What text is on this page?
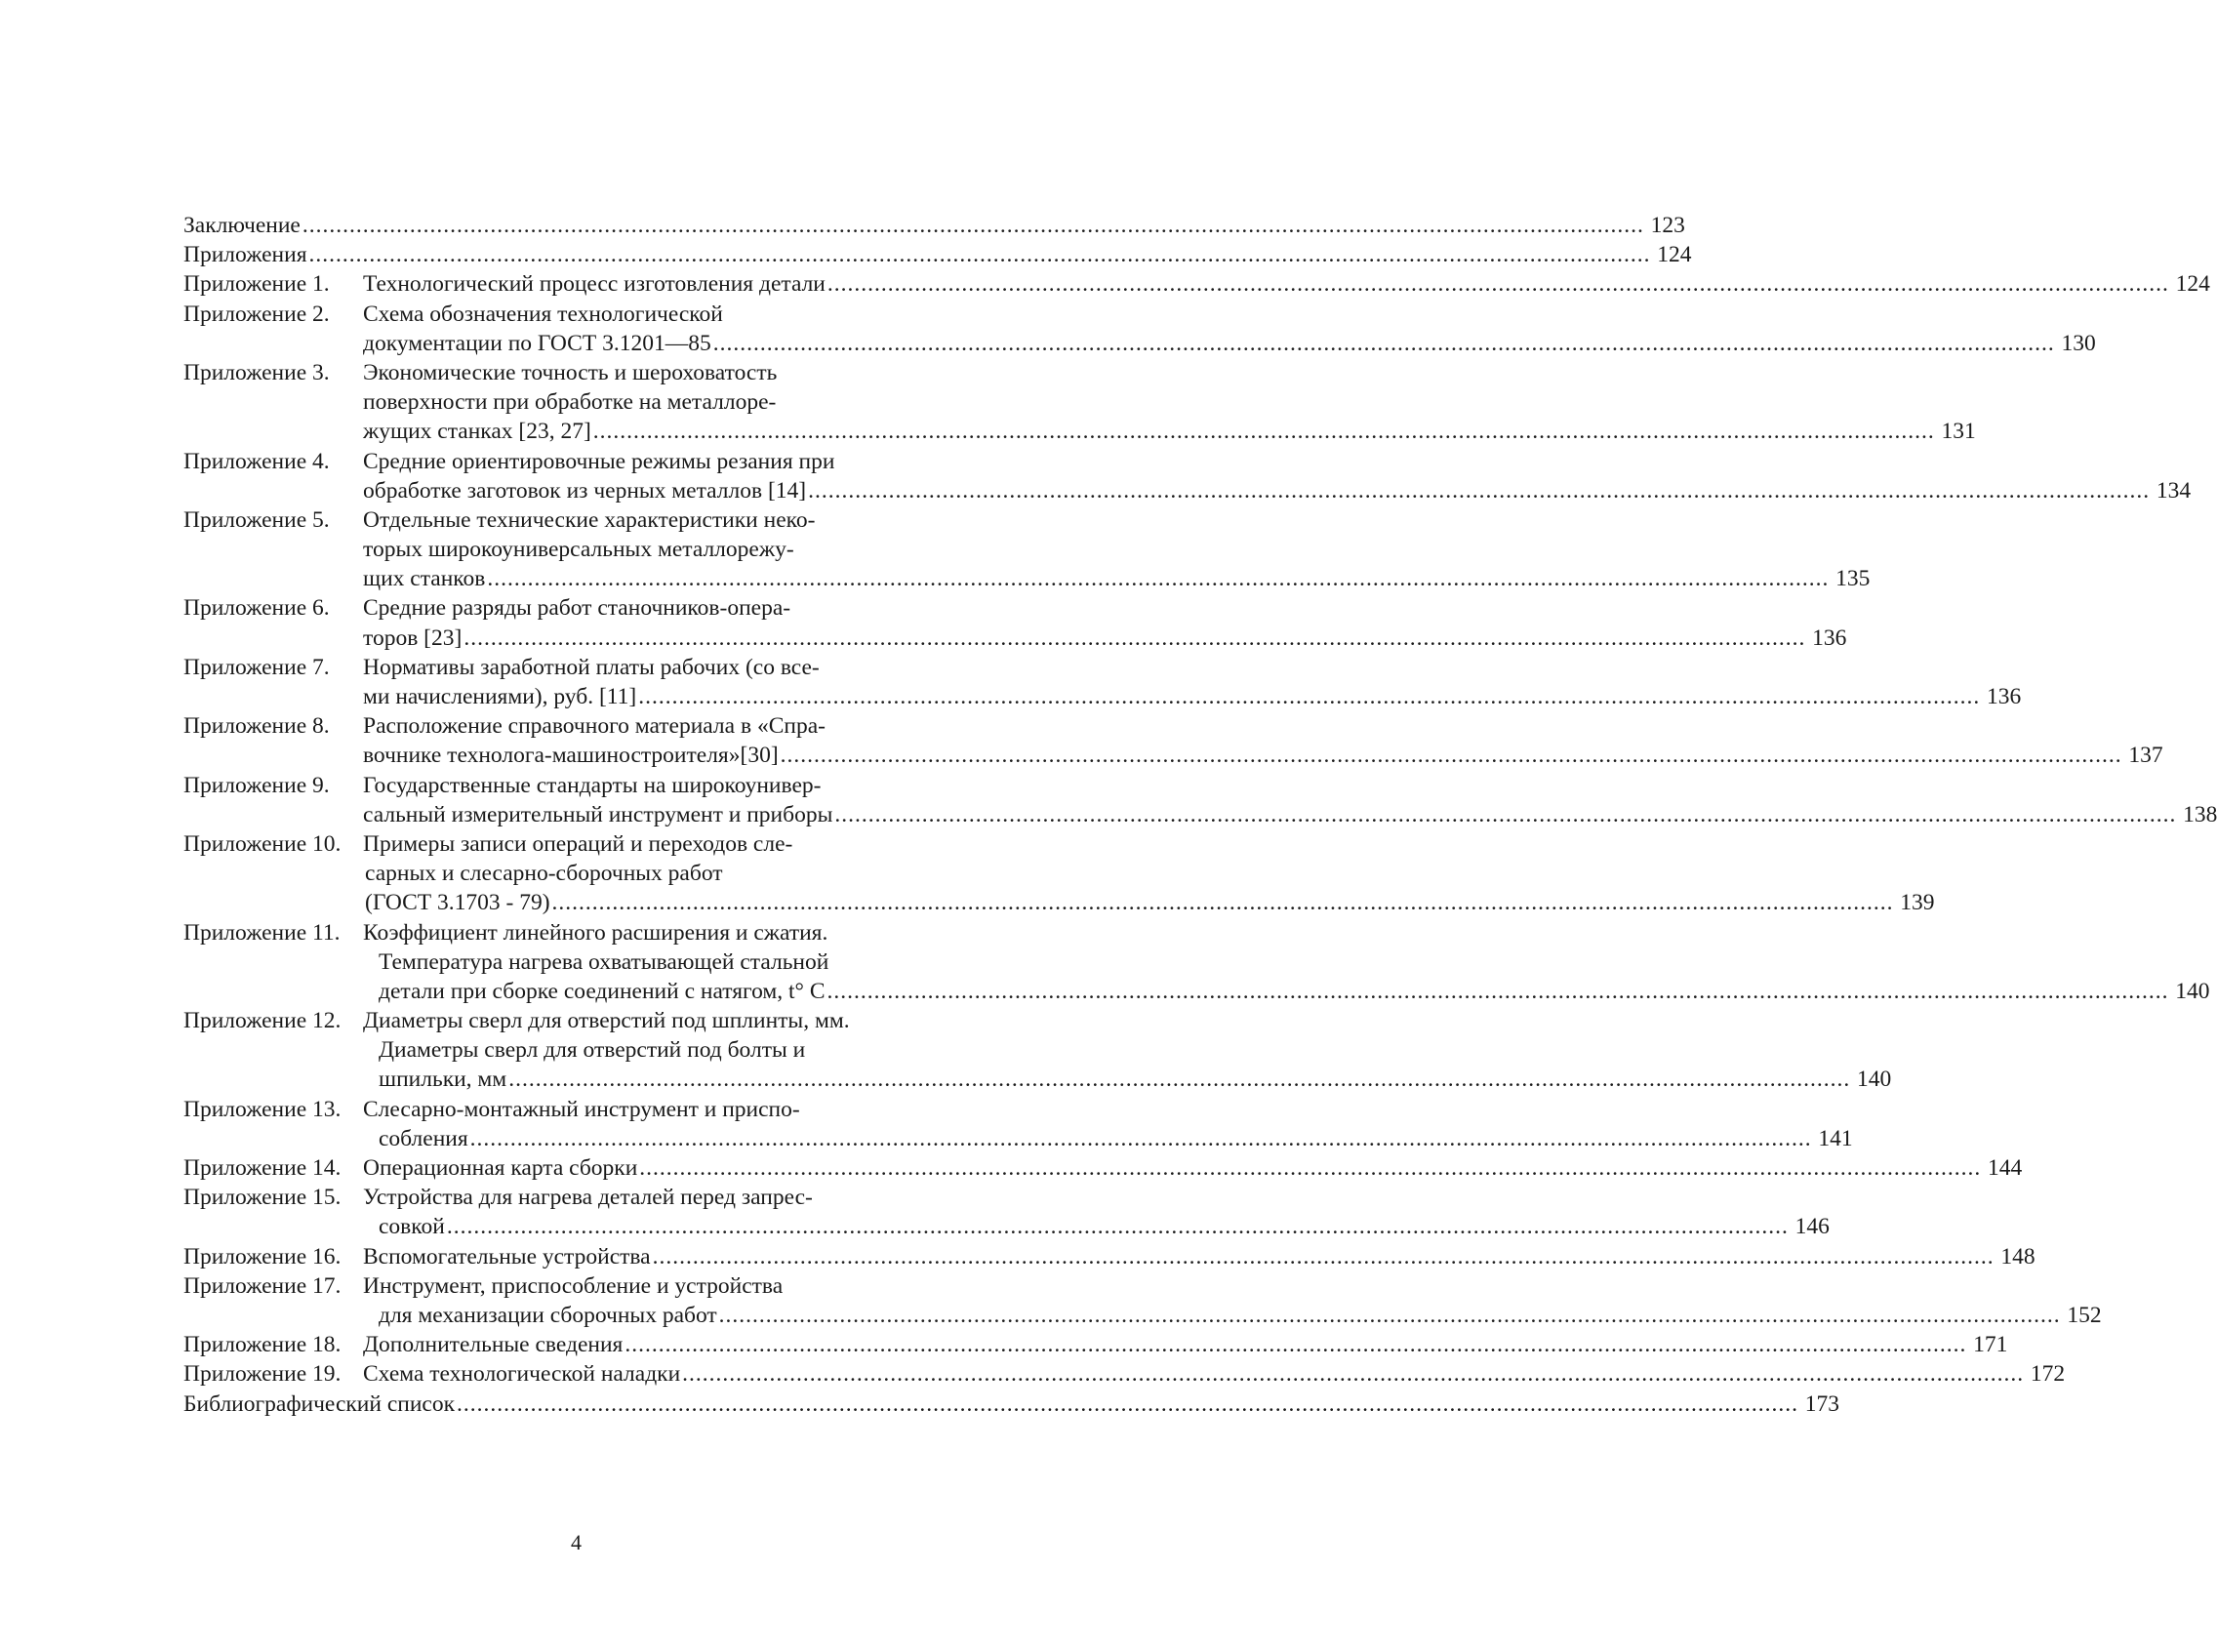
Заключение .....	123
Приложения .....	124
Приложение 1.	Технологический процесс изготовления детали .....	124
Приложение 2.	Схема обозначения технологической
документации по ГОСТ 3.1201—85 .....	130
Приложение 3.	Экономические точность и шероховатость
поверхности при обработке на металлоре-
жущих станках [23, 27] .....	131
Приложение 4.	Средние ориентировочные режимы резания при
обработке заготовок из черных металлов [14] .....	134
Приложение 5.	Отдельные технические характеристики неко-
торых широкоуниверсальных металлорежу-
щих станков .....	135
Приложение 6.	Средние разряды работ станочников-опера-
торов [23] .....	136
Приложение 7.	Нормативы заработной платы рабочих (со все-
ми начислениями), руб. [11] .....	136
Приложение 8.	Расположение справочного материала в «Спра-
вочнике технолога-машиностроителя»[30] .....	137
Приложение 9.	Государственные стандарты на широкоунивер-
сальный измерительный инструмент и приборы .....	138
Приложение 10. Примеры записи операций и переходов сле-
сарных и слесарно-сборочных работ
(ГОСТ 3.1703 - 79) .....	139
Приложение 11. Коэффициент линейного расширения и сжатия.
Температура нагрева охватывающей стальной
детали при сборке соединений с натягом, t° C .....	140
Приложение 12. Диаметры сверл для отверстий под шплинты, мм.
Диаметры сверл для отверстий под болты и
шпильки, мм .....	140
Приложение 13. Слесарно-монтажный инструмент и приспо-
собления .....	141
Приложение 14. Операционная карта сборки .....	144
Приложение 15. Устройства для нагрева деталей перед запрес-
совкой .....	146
Приложение 16. Вспомогательные устройства .....	148
Приложение 17. Инструмент, приспособление и устройства
для механизации сборочных работ .....	152
Приложение 18. Дополнительные сведения .....	171
Приложение 19. Схема технологической наладки .....	172
Библиографический список .....	173
4
